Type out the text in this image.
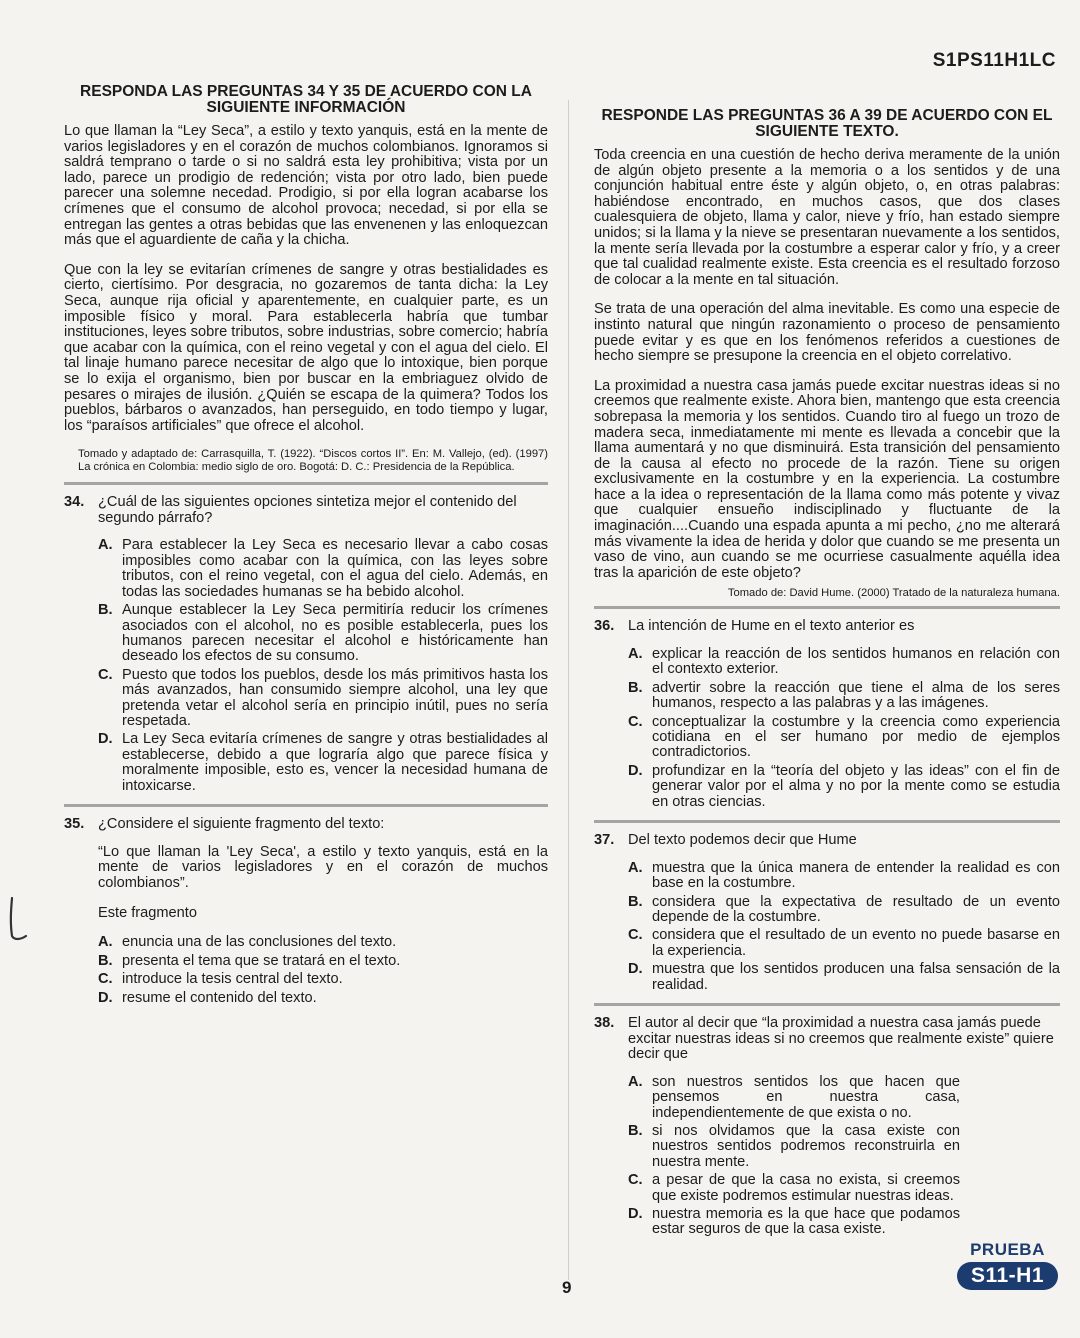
S1PS11H1LC
RESPONDA LAS PREGUNTAS 34 Y 35 DE ACUERDO CON LA SIGUIENTE INFORMACIÓN

Lo que llaman la “Ley Seca”, a estilo y texto yanquis, está en la mente de varios legisladores y en el corazón de muchos colombianos. Ignoramos si saldrá temprano o tarde o si no saldrá esta ley prohibitiva; vista por un lado, parece un prodigio de redención; vista por otro lado, bien puede parecer una solemne necedad. Prodigio, si por ella logran acabarse los crímenes que el consumo de alcohol provoca; necedad, si por ella se entregan las gentes a otras bebidas que las envenenen y las enloquezcan más que el aguardiente de caña y la chicha.

Que con la ley se evitarían crímenes de sangre y otras bestialidades es cierto, ciertísimo. Por desgracia, no gozaremos de tanta dicha: la Ley Seca, aunque rija oficial y aparentemente, en cualquier parte, es un imposible físico y moral. Para establecerla habría que tumbar instituciones, leyes sobre tributos, sobre industrias, sobre comercio; habría que acabar con la química, con el reino vegetal y con el agua del cielo. El tal linaje humano parece necesitar de algo que lo intoxique, bien porque se lo exija el organismo, bien por buscar en la embriaguez olvido de pesares o mirajes de ilusión. ¿Quién se escapa de la quimera? Todos los pueblos, bárbaros o avanzados, han perseguido, en todo tiempo y lugar, los “paraísos artificiales” que ofrece el alcohol.

Tomado y adaptado de: Carrasquilla, T. (1922). “Discos cortos II”. En: M. Vallejo, (ed). (1997) La crónica en Colombia: medio siglo de oro. Bogotá: D. C.: Presidencia de la República.
34. ¿Cuál de las siguientes opciones sintetiza mejor el contenido del segundo párrafo?
A. Para establecer la Ley Seca es necesario llevar a cabo cosas imposibles como acabar con la química, con las leyes sobre tributos, con el reino vegetal, con el agua del cielo. Además, en todas las sociedades humanas se ha bebido alcohol.
B. Aunque establecer la Ley Seca permitiría reducir los crímenes asociados con el alcohol, no es posible establecerla, pues los humanos parecen necesitar el alcohol e históricamente han deseado los efectos de su consumo.
C. Puesto que todos los pueblos, desde los más primitivos hasta los más avanzados, han consumido siempre alcohol, una ley que pretenda vetar el alcohol sería en principio inútil, pues no sería respetada.
D. La Ley Seca evitaría crímenes de sangre y otras bestialidades al establecerse, debido a que lograría algo que parece física y moralmente imposible, esto es, vencer la necesidad humana de intoxicarse.
35. ¿Considere el siguiente fragmento del texto:

“Lo que llaman la 'Ley Seca', a estilo y texto yanquis, está en la mente de varios legisladores y en el corazón de muchos colombianos”.

Este fragmento
A. enuncia una de las conclusiones del texto.
B. presenta el tema que se tratará en el texto.
C. introduce la tesis central del texto.
D. resume el contenido del texto.
RESPONDE LAS PREGUNTAS 36 A 39 DE ACUERDO CON EL SIGUIENTE TEXTO.

Toda creencia en una cuestión de hecho deriva meramente de la unión de algún objeto presente a la memoria o a los sentidos y de una conjunción habitual entre éste y algún objeto, o, en otras palabras: habiéndose encontrado, en muchos casos, que dos clases cualesquiera de objeto, llama y calor, nieve y frío, han estado siempre unidos; si la llama y la nieve se presentaran nuevamente a los sentidos, la mente sería llevada por la costumbre a esperar calor y frío, y a creer que tal cualidad realmente existe. Esta creencia es el resultado forzoso de colocar a la mente en tal situación.

Se trata de una operación del alma inevitable. Es como una especie de instinto natural que ningún razonamiento o proceso de pensamiento puede evitar y es que en los fenómenos referidos a cuestiones de hecho siempre se presupone la creencia en el objeto correlativo.

La proximidad a nuestra casa jamás puede excitar nuestras ideas si no creemos que realmente existe. Ahora bien, mantengo que esta creencia sobrepasa la memoria y los sentidos. Cuando tiro al fuego un trozo de madera seca, inmediatamente mi mente es llevada a concebir que la llama aumentará y no que disminuirá. Esta transición del pensamiento de la causa al efecto no procede de la razón. Tiene su origen exclusivamente en la costumbre y en la experiencia. La costumbre hace a la idea o representación de la llama como más potente y vivaz que cualquier ensueño indisciplinado y fluctuante de la imaginación....Cuando una espada apunta a mi pecho, ¿no me alterará más vivamente la idea de herida y dolor que cuando se me presenta un vaso de vino, aun cuando se me ocurriese casualmente aquélla idea tras la aparición de este objeto?

Tomado de: David Hume. (2000) Tratado de la naturaleza humana.
36. La intención de Hume en el texto anterior es
A. explicar la reacción de los sentidos humanos en relación con el contexto exterior.
B. advertir sobre la reacción que tiene el alma de los seres humanos, respecto a las palabras y a las imágenes.
C. conceptualizar la costumbre y la creencia como experiencia cotidiana en el ser humano por medio de ejemplos contradictorios.
D. profundizar en la “teoría del objeto y las ideas” con el fin de generar valor por el alma y no por la mente como se estudia en otras ciencias.
37. Del texto podemos decir que Hume
A. muestra que la única manera de entender la realidad es con base en la costumbre.
B. considera que la expectativa de resultado de un evento depende de la costumbre.
C. considera que el resultado de un evento no puede basarse en la experiencia.
D. muestra que los sentidos producen una falsa sensación de la realidad.
38. El autor al decir que “la proximidad a nuestra casa jamás puede excitar nuestras ideas si no creemos que realmente existe” quiere decir que
A. son nuestros sentidos los que hacen que pensemos en nuestra casa, independientemente de que exista o no.
B. si nos olvidamos que la casa existe con nuestros sentidos podremos reconstruirla en nuestra mente.
C. a pesar de que la casa no exista, si creemos que existe podremos estimular nuestras ideas.
D. nuestra memoria es la que hace que podamos estar seguros de que la casa existe.
9
PRUEBA
S11-H1
